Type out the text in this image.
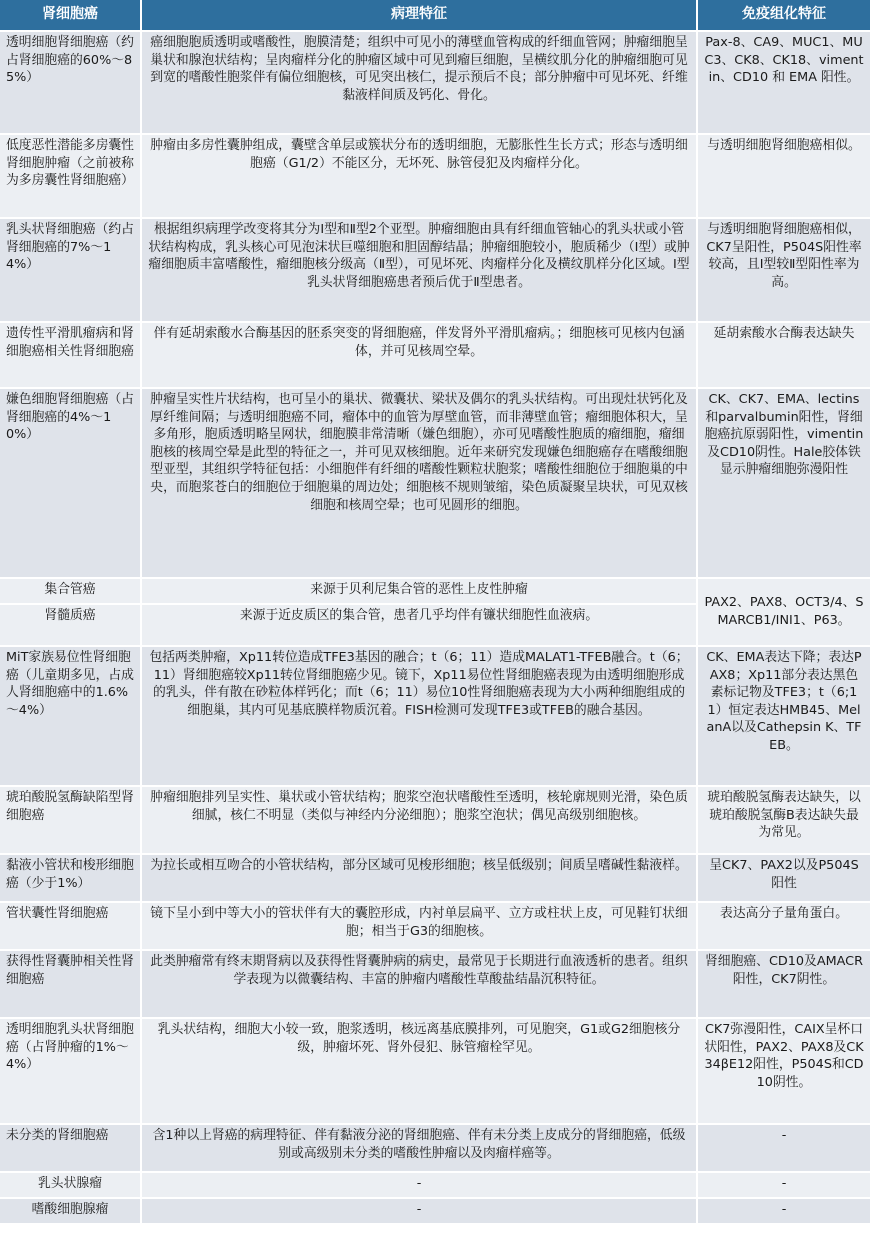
肾细胞癌	病理特征	免疫组化特征
透明细胞肾细胞癌（约占肾细胞癌的60%～85%）	癌细胞胞质透明或嗜酸性，胞膜清楚；组织中可见小的薄壁血管构成的纤细血管网；肿瘤细胞呈巢状和腺泡状结构；呈肉瘤样分化的肿瘤区域中可见到瘤巨细胞，呈横纹肌分化的肿瘤细胞可见到宽的嗜酸性胞浆伴有偏位细胞核，可见突出核仁，提示预后不良；部分肿瘤中可见坏死、纤维黏液样间质及钙化、骨化。	Pax-8、CA9、MUC1、MUC3、CK8、CK18、vimentin、CD10 和 EMA 阳性。
低度恶性潜能多房囊性肾细胞肿瘤（之前被称为多房囊性肾细胞癌）	肿瘤由多房性囊肿组成，囊壁含单层或簇状分布的透明细胞，无膨胀性生长方式；形态与透明细胞癌（G1/2）不能区分，无坏死、脉管侵犯及肉瘤样分化。	与透明细胞肾细胞癌相似。
乳头状肾细胞癌（约占肾细胞癌的7%～14%）	根据组织病理学改变将其分为Ⅰ型和Ⅱ型2个亚型。肿瘤细胞由具有纤细血管轴心的乳头状或小管状结构构成，乳头核心可见泡沫状巨噬细胞和胆固醇结晶；肿瘤细胞较小，胞质稀少（Ⅰ型）或肿瘤细胞质丰富嗜酸性，瘤细胞核分级高（Ⅱ型），可见坏死、肉瘤样分化及横纹肌样分化区域。Ⅰ型乳头状肾细胞癌患者预后优于Ⅱ型患者。	与透明细胞肾细胞癌相似，CK7呈阳性，P504S阳性率较高，且Ⅰ型较Ⅱ型阳性率为高。
遗传性平滑肌瘤病和肾细胞癌相关性肾细胞癌	伴有延胡索酸水合酶基因的胚系突变的肾细胞癌，伴发肾外平滑肌瘤病。；细胞核可见核内包涵体，并可见核周空晕。	延胡索酸水合酶表达缺失
嫌色细胞肾细胞癌（占肾细胞癌的4%～10%）	肿瘤呈实性片状结构，也可呈小的巢状、微囊状、梁状及偶尔的乳头状结构。可出现灶状钙化及厚纤维间隔；与透明细胞癌不同，瘤体中的血管为厚壁血管，而非薄壁血管；瘤细胞体积大，呈多角形，胞质透明略呈网状，细胞膜非常清晰（嫌色细胞），亦可见嗜酸性胞质的瘤细胞，瘤细胞核的核周空晕是此型的特征之一，并可见双核细胞。近年来研究发现嫌色细胞癌存在嗜酸细胞型亚型，其组织学特征包括：小细胞伴有纤细的嗜酸性颗粒状胞浆；嗜酸性细胞位于细胞巢的中央，而胞浆苍白的细胞位于细胞巢的周边处；细胞核不规则皱缩，染色质凝聚呈块状，可见双核细胞和核周空晕；也可见圆形的细胞。	CK、CK7、EMA、lectins和parvalbumin阳性，肾细胞癌抗原弱阳性，vimentin及CD10阴性。Hale胶体铁显示肿瘤细胞弥漫阳性
集合管癌	来源于贝利尼集合管的恶性上皮性肿瘤	PAX2、PAX8、OCT3/4、SMARCB1/INI1、P63。
肾髓质癌	来源于近皮质区的集合管，患者几乎均伴有镰状细胞性血液病。	
MiT家族易位性肾细胞癌（儿童期多见，占成人肾细胞癌中的1.6%～4%）	包括两类肿瘤，Xp11转位造成TFE3基因的融合；t（6；11）造成MALAT1-TFEB融合。t（6；11）肾细胞癌较Xp11转位肾细胞癌少见。镜下，Xp11易位性肾细胞癌表现为由透明细胞形成的乳头，伴有散在砂粒体样钙化；而t（6；11）易位10性肾细胞癌表现为大小两种细胞组成的细胞巢，其内可见基底膜样物质沉着。FISH检测可发现TFE3或TFEB的融合基因。	CK、EMA表达下降；表达PAX8；Xp11部分表达黑色素标记物及TFE3；t（6;11）恒定表达HMB45、MelanA以及Cathepsin K、TFEB。
琥珀酸脱氢酶缺陷型肾细胞癌	肿瘤细胞排列呈实性、巢状或小管状结构；胞浆空泡状嗜酸性至透明，核轮廓规则光滑，染色质细腻，核仁不明显（类似与神经内分泌细胞）；胞浆空泡状；偶见高级别细胞核。	琥珀酸脱氢酶表达缺失，以琥珀酸脱氢酶B表达缺失最为常见。
黏液小管状和梭形细胞癌（少于1%）	为拉长或相互吻合的小管状结构，部分区域可见梭形细胞；核呈低级别；间质呈嗜碱性黏液样。	呈CK7、PAX2以及P504S阳性
管状囊性肾细胞癌	镜下呈小到中等大小的管状伴有大的囊腔形成，内衬单层扁平、立方或柱状上皮，可见鞋钉状细胞；相当于G3的细胞核。	表达高分子量角蛋白。
获得性肾囊肿相关性肾细胞癌	此类肿瘤常有终末期肾病以及获得性肾囊肿病的病史，最常见于长期进行血液透析的患者。组织学表现为以微囊结构、丰富的肿瘤内嗜酸性草酸盐结晶沉积特征。	肾细胞癌、CD10及AMACR阳性，CK7阴性。
透明细胞乳头状肾细胞癌（占肾肿瘤的1%～4%）	乳头状结构，细胞大小较一致，胞浆透明，核远离基底膜排列，可见胞突，G1或G2细胞核分级，肿瘤坏死、肾外侵犯、脉管瘤栓罕见。	CK7弥漫阳性，CAIX呈杯口状阳性，PAX2、PAX8及CK34βE12阳性，P504S和CD10阴性。
未分类的肾细胞癌	含1种以上肾癌的病理特征、伴有黏液分泌的肾细胞癌、伴有未分类上皮成分的肾细胞癌，低级别或高级别未分类的嗜酸性肿瘤以及肉瘤样癌等。	-
乳头状腺瘤	-	-
嗜酸细胞腺瘤	-	-
